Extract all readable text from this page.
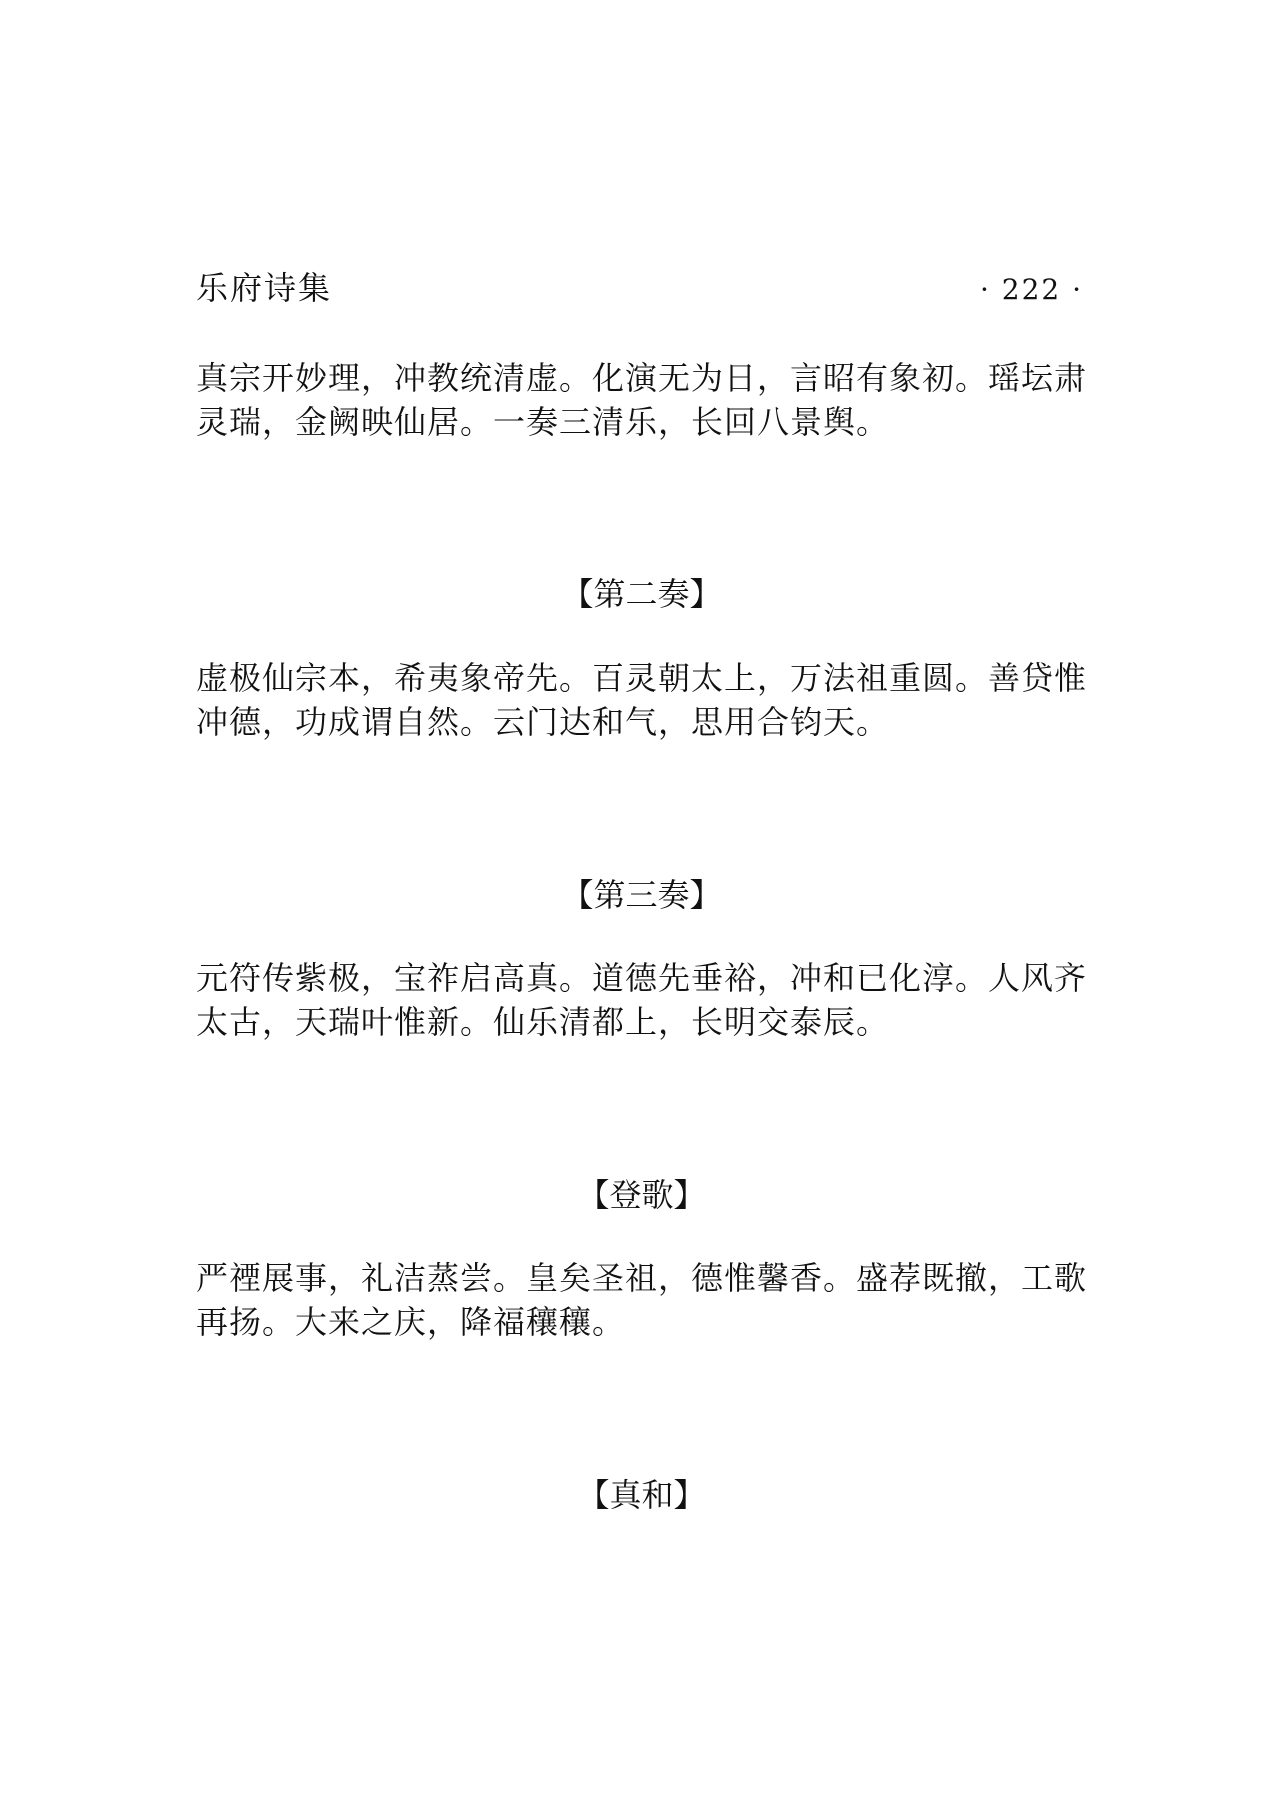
乐府诗集	· 222 ·

真宗开妙理，冲教统清虚。化演无为日，言昭有象初。瑶坛肃灵瑞，金阙映仙居。一奏三清乐，长回八景舆。

【第二奏】

虚极仙宗本，希夷象帝先。百灵朝太上，万法祖重圆。善贷惟冲德，功成谓自然。云门达和气，思用合钧天。

【第三奏】

元符传紫极，宝祚启高真。道德先垂裕，冲和已化淳。人风齐太古，天瑞叶惟新。仙乐清都上，长明交泰辰。

【登歌】

严禋展事，礼洁蒸尝。皇矣圣祖，德惟馨香。盛荐既撤，工歌再扬。大来之庆，降福穰穰。

【真和】
